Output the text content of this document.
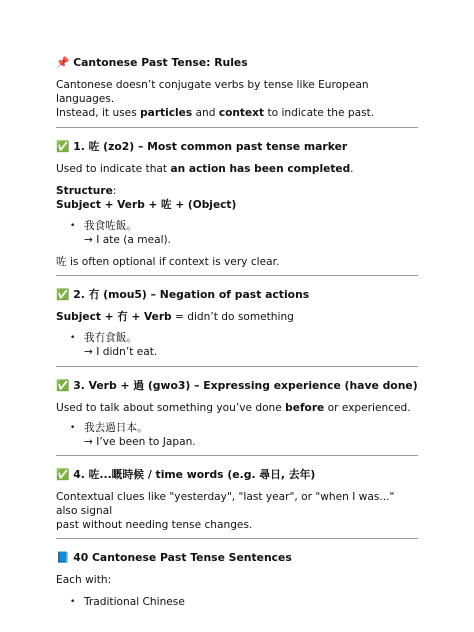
📌 Cantonese Past Tense: Rules

Cantonese doesn’t conjugate verbs by tense like European languages.

Instead, it uses particles and context to indicate the past.

✅ 1. 咗 (zo2) – Most common past tense marker

Used to indicate that an action has been completed.

Structure:

Subject + Verb + 咗 + (Object)

• 我食咗飯。
→ I ate (a meal).

咗 is often optional if context is very clear.

✅ 2. 冇 (mou5) – Negation of past actions

Subject + 冇 + Verb = didn’t do something

• 我冇食飯。
→ I didn’t eat.
✅ 3. Verb + 過 (gwo3) – Expressing experience (have done)

Used to talk about something you’ve done before or experienced.

• 我去過日本。
→ I’ve been to Japan.
✅ 4. 咗...嘅時候 / time words (e.g. 尋日, 去年)

Contextual clues like "yesterday", "last year", or "when I was..." also signal

past without needing tense changes.

📘 40 Cantonese Past Tense Sentences

Each with:

• Traditional Chinese
